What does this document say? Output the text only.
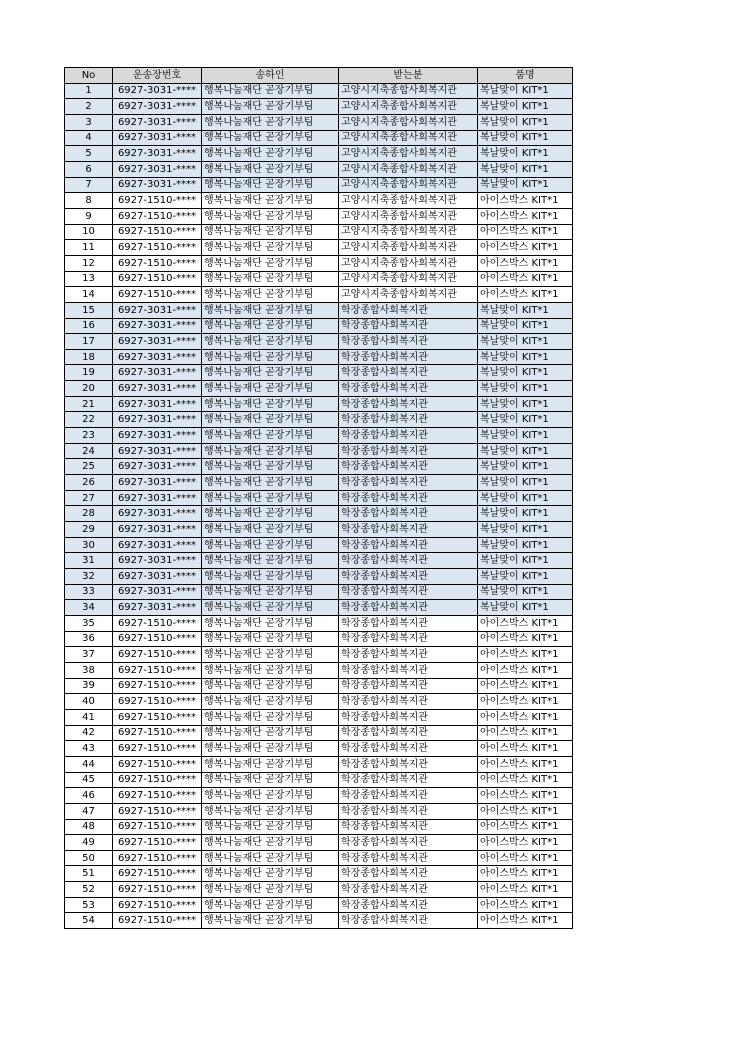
No	운송장번호	송하인	받는분	품명
1	6927-3031-****	행복나눔재단 곧장기부팀	고양시지축종합사회복지관	복날맞이 KIT*1
2	6927-3031-****	행복나눔재단 곧장기부팀	고양시지축종합사회복지관	복날맞이 KIT*1
3	6927-3031-****	행복나눔재단 곧장기부팀	고양시지축종합사회복지관	복날맞이 KIT*1
4	6927-3031-****	행복나눔재단 곧장기부팀	고양시지축종합사회복지관	복날맞이 KIT*1
5	6927-3031-****	행복나눔재단 곧장기부팀	고양시지축종합사회복지관	복날맞이 KIT*1
6	6927-3031-****	행복나눔재단 곧장기부팀	고양시지축종합사회복지관	복날맞이 KIT*1
7	6927-3031-****	행복나눔재단 곧장기부팀	고양시지축종합사회복지관	복날맞이 KIT*1
8	6927-1510-****	행복나눔재단 곧장기부팀	고양시지축종합사회복지관	아이스박스 KIT*1
9	6927-1510-****	행복나눔재단 곧장기부팀	고양시지축종합사회복지관	아이스박스 KIT*1
10	6927-1510-****	행복나눔재단 곧장기부팀	고양시지축종합사회복지관	아이스박스 KIT*1
11	6927-1510-****	행복나눔재단 곧장기부팀	고양시지축종합사회복지관	아이스박스 KIT*1
12	6927-1510-****	행복나눔재단 곧장기부팀	고양시지축종합사회복지관	아이스박스 KIT*1
13	6927-1510-****	행복나눔재단 곧장기부팀	고양시지축종합사회복지관	아이스박스 KIT*1
14	6927-1510-****	행복나눔재단 곧장기부팀	고양시지축종합사회복지관	아이스박스 KIT*1
15	6927-3031-****	행복나눔재단 곧장기부팀	학장종합사회복지관	복날맞이 KIT*1
16	6927-3031-****	행복나눔재단 곧장기부팀	학장종합사회복지관	복날맞이 KIT*1
17	6927-3031-****	행복나눔재단 곧장기부팀	학장종합사회복지관	복날맞이 KIT*1
18	6927-3031-****	행복나눔재단 곧장기부팀	학장종합사회복지관	복날맞이 KIT*1
19	6927-3031-****	행복나눔재단 곧장기부팀	학장종합사회복지관	복날맞이 KIT*1
20	6927-3031-****	행복나눔재단 곧장기부팀	학장종합사회복지관	복날맞이 KIT*1
21	6927-3031-****	행복나눔재단 곧장기부팀	학장종합사회복지관	복날맞이 KIT*1
22	6927-3031-****	행복나눔재단 곧장기부팀	학장종합사회복지관	복날맞이 KIT*1
23	6927-3031-****	행복나눔재단 곧장기부팀	학장종합사회복지관	복날맞이 KIT*1
24	6927-3031-****	행복나눔재단 곧장기부팀	학장종합사회복지관	복날맞이 KIT*1
25	6927-3031-****	행복나눔재단 곧장기부팀	학장종합사회복지관	복날맞이 KIT*1
26	6927-3031-****	행복나눔재단 곧장기부팀	학장종합사회복지관	복날맞이 KIT*1
27	6927-3031-****	행복나눔재단 곧장기부팀	학장종합사회복지관	복날맞이 KIT*1
28	6927-3031-****	행복나눔재단 곧장기부팀	학장종합사회복지관	복날맞이 KIT*1
29	6927-3031-****	행복나눔재단 곧장기부팀	학장종합사회복지관	복날맞이 KIT*1
30	6927-3031-****	행복나눔재단 곧장기부팀	학장종합사회복지관	복날맞이 KIT*1
31	6927-3031-****	행복나눔재단 곧장기부팀	학장종합사회복지관	복날맞이 KIT*1
32	6927-3031-****	행복나눔재단 곧장기부팀	학장종합사회복지관	복날맞이 KIT*1
33	6927-3031-****	행복나눔재단 곧장기부팀	학장종합사회복지관	복날맞이 KIT*1
34	6927-3031-****	행복나눔재단 곧장기부팀	학장종합사회복지관	복날맞이 KIT*1
35	6927-1510-****	행복나눔재단 곧장기부팀	학장종합사회복지관	아이스박스 KIT*1
36	6927-1510-****	행복나눔재단 곧장기부팀	학장종합사회복지관	아이스박스 KIT*1
37	6927-1510-****	행복나눔재단 곧장기부팀	학장종합사회복지관	아이스박스 KIT*1
38	6927-1510-****	행복나눔재단 곧장기부팀	학장종합사회복지관	아이스박스 KIT*1
39	6927-1510-****	행복나눔재단 곧장기부팀	학장종합사회복지관	아이스박스 KIT*1
40	6927-1510-****	행복나눔재단 곧장기부팀	학장종합사회복지관	아이스박스 KIT*1
41	6927-1510-****	행복나눔재단 곧장기부팀	학장종합사회복지관	아이스박스 KIT*1
42	6927-1510-****	행복나눔재단 곧장기부팀	학장종합사회복지관	아이스박스 KIT*1
43	6927-1510-****	행복나눔재단 곧장기부팀	학장종합사회복지관	아이스박스 KIT*1
44	6927-1510-****	행복나눔재단 곧장기부팀	학장종합사회복지관	아이스박스 KIT*1
45	6927-1510-****	행복나눔재단 곧장기부팀	학장종합사회복지관	아이스박스 KIT*1
46	6927-1510-****	행복나눔재단 곧장기부팀	학장종합사회복지관	아이스박스 KIT*1
47	6927-1510-****	행복나눔재단 곧장기부팀	학장종합사회복지관	아이스박스 KIT*1
48	6927-1510-****	행복나눔재단 곧장기부팀	학장종합사회복지관	아이스박스 KIT*1
49	6927-1510-****	행복나눔재단 곧장기부팀	학장종합사회복지관	아이스박스 KIT*1
50	6927-1510-****	행복나눔재단 곧장기부팀	학장종합사회복지관	아이스박스 KIT*1
51	6927-1510-****	행복나눔재단 곧장기부팀	학장종합사회복지관	아이스박스 KIT*1
52	6927-1510-****	행복나눔재단 곧장기부팀	학장종합사회복지관	아이스박스 KIT*1
53	6927-1510-****	행복나눔재단 곧장기부팀	학장종합사회복지관	아이스박스 KIT*1
54	6927-1510-****	행복나눔재단 곧장기부팀	학장종합사회복지관	아이스박스 KIT*1
